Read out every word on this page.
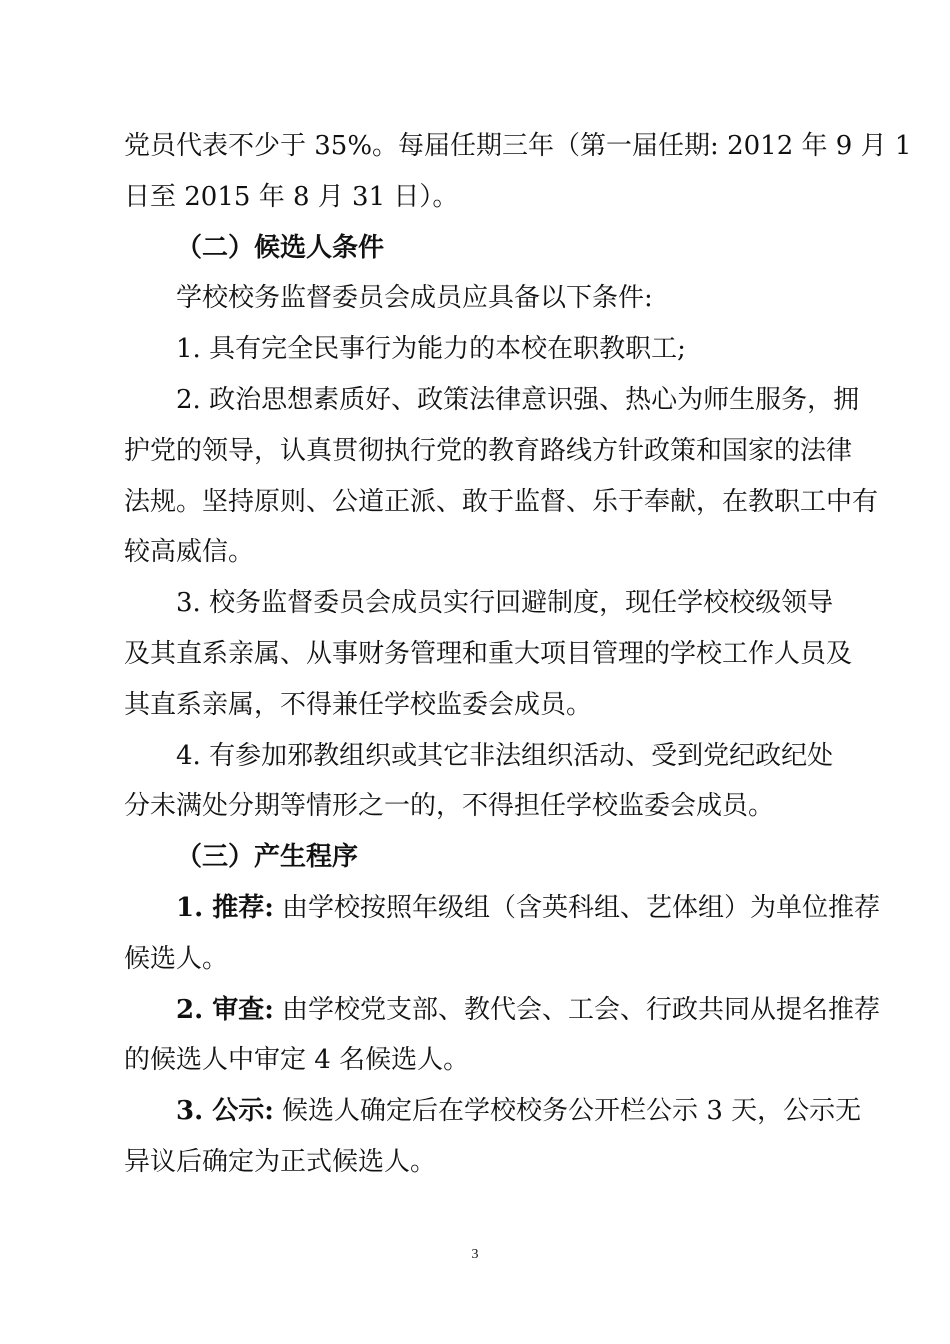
党员代表不少于 35%。每届任期三年（第一届任期: 2012 年 9 月 1

日至 2015 年 8 月 31 日）。

（二）候选人条件

学校校务监督委员会成员应具备以下条件:

1. 具有完全民事行为能力的本校在职教职工;

2. 政治思想素质好、政策法律意识强、热心为师生服务，拥

护党的领导，认真贯彻执行党的教育路线方针政策和国家的法律

法规。坚持原则、公道正派、敢于监督、乐于奉献，在教职工中有

较高威信。

3. 校务监督委员会成员实行回避制度，现任学校校级领导

及其直系亲属、从事财务管理和重大项目管理的学校工作人员及

其直系亲属，不得兼任学校监委会成员。

4. 有参加邪教组织或其它非法组织活动、受到党纪政纪处

分未满处分期等情形之一的，不得担任学校监委会成员。

（三）产生程序

1. 推荐: 由学校按照年级组（含英科组、艺体组）为单位推荐

候选人。

2. 审查: 由学校党支部、教代会、工会、行政共同从提名推荐

的候选人中审定 4 名候选人。

3. 公示: 候选人确定后在学校校务公开栏公示 3 天，公示无

异议后确定为正式候选人。

3
